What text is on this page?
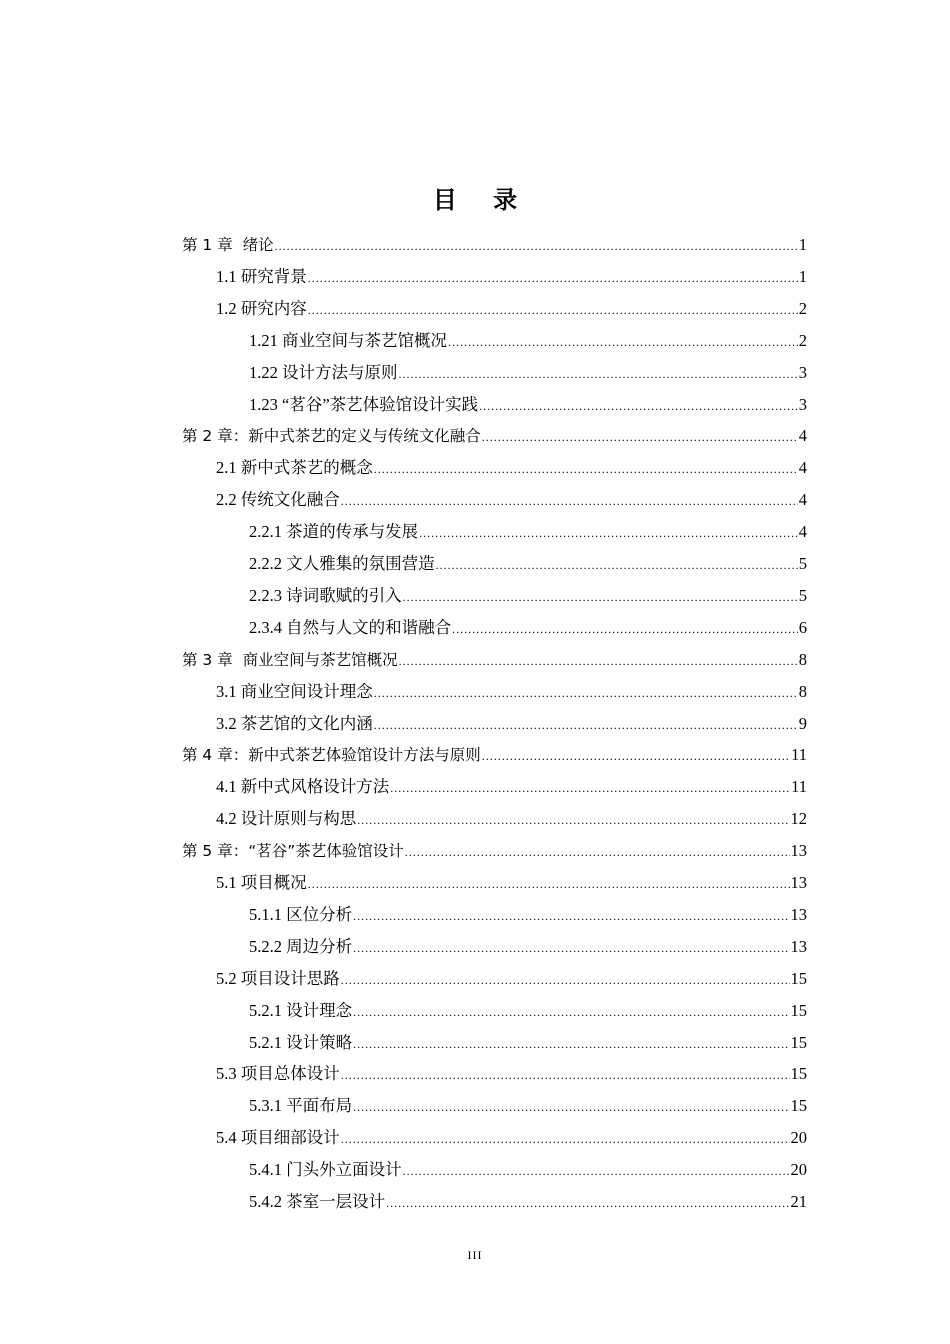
目 录
第 1 章  绪论 .....	1
1.1 研究背景 .....	1
1.2 研究内容 .....	2
1.21 商业空间与茶艺馆概况 .....	2
1.22 设计方法与原则 .....	3
1.23 “茗谷”茶艺体验馆设计实践 .....	3
第 2 章：新中式茶艺的定义与传统文化融合 .....	4
2.1 新中式茶艺的概念 .....	4
2.2 传统文化融合 .....	4
2.2.1 茶道的传承与发展 .....	4
2.2.2 文人雅集的氛围营造 .....	5
2.2.3 诗词歌赋的引入 .....	5
2.3.4 自然与人文的和谐融合 .....	6
第 3 章  商业空间与茶艺馆概况 .....	8
3.1 商业空间设计理念 .....	8
3.2 茶艺馆的文化内涵 .....	9
第 4 章：新中式茶艺体验馆设计方法与原则 .....	11
4.1 新中式风格设计方法 .....	11
4.2 设计原则与构思 .....	12
第 5 章：“茗谷”茶艺体验馆设计 .....	13
5.1 项目概况 .....	13
5.1.1 区位分析 .....	13
5.2.2 周边分析 .....	13
5.2 项目设计思路 .....	15
5.2.1 设计理念 .....	15
5.2.1 设计策略 .....	15
5.3 项目总体设计 .....	15
5.3.1 平面布局 .....	15
5.4 项目细部设计 .....	20
5.4.1 门头外立面设计 .....	20
5.4.2 茶室一层设计 .....	21
III
